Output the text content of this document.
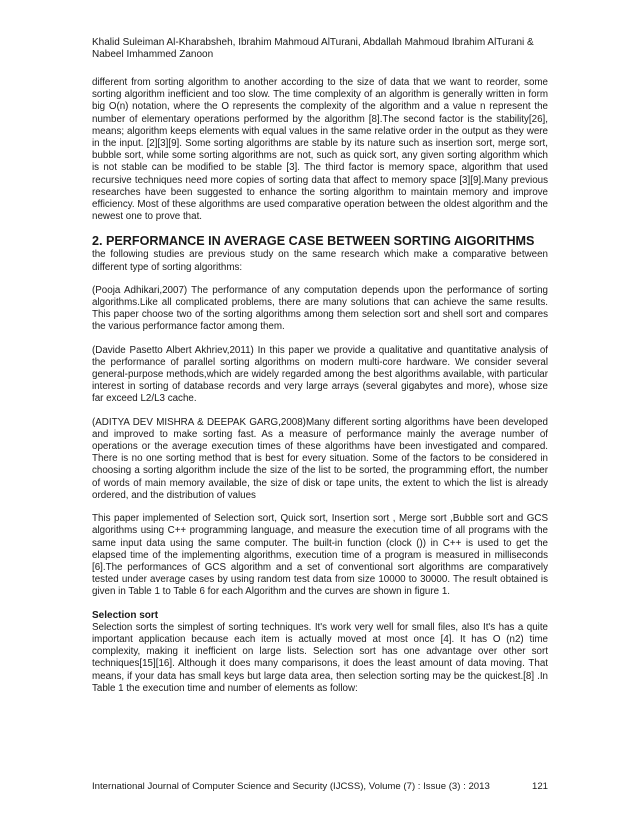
Khalid Suleiman Al-Kharabsheh, Ibrahim Mahmoud AlTurani, Abdallah Mahmoud Ibrahim AlTurani & Nabeel Imhammed Zanoon

different from sorting algorithm to another according to the size of data that we want to reorder, some sorting algorithm inefficient and too slow. The time complexity of an algorithm is generally written in form big O(n) notation, where the O represents the complexity of the algorithm and a value n represent the number of elementary operations performed by the algorithm [8].The second factor is the stability[26], means; algorithm keeps elements with equal values in the same relative order in the output as they were in the input. [2][3][9]. Some sorting algorithms are stable by its nature such as insertion sort, merge sort, bubble sort, while some sorting algorithms are not, such as quick sort, any given sorting algorithm which is not stable can be modified to be stable [3]. The third factor is memory space, algorithm that used recursive techniques need more copies of sorting data that affect to memory space [3][9].Many previous researches have been suggested to enhance the sorting algorithm to maintain memory and improve efficiency. Most of these algorithms are used comparative operation between the oldest algorithm and the newest one to prove that.

2. PERFORMANCE IN AVERAGE CASE BETWEEN SORTING AIGORITHMS

the following studies are previous study on the same research which make a comparative between different type of sorting algorithms:

(Pooja Adhikari,2007) The performance of any computation depends upon the performance of sorting algorithms.Like all complicated problems, there are many solutions that can achieve the same results. This paper choose two of the sorting algorithms among them selection sort and shell sort and compares the various performance factor among them.

(Davide Pasetto Albert Akhriev,2011) In this paper we provide a qualitative and quantitative analysis of the performance of parallel sorting algorithms on modern multi-core hardware. We consider several general-purpose methods,which are widely regarded among the best algorithms available, with particular interest in sorting of database records and very large arrays (several gigabytes and more), whose size far exceed L2/L3 cache.

(ADITYA DEV MISHRA & DEEPAK GARG,2008)Many different sorting algorithms have been developed and improved to make sorting fast. As a measure of performance mainly the average number of operations or the average execution times of these algorithms have been investigated and compared. There is no one sorting method that is best for every situation. Some of the factors to be considered in choosing a sorting algorithm include the size of the list to be sorted, the programming effort, the number of words of main memory available, the size of disk or tape units, the extent to which the list is already ordered, and the distribution of values

This paper implemented of Selection sort, Quick sort, Insertion sort , Merge sort ,Bubble sort and GCS algorithms using C++ programming language, and measure the execution time of all programs with the same input data using the same computer. The built-in function (clock ()) in C++ is used to get the elapsed time of the implementing algorithms, execution time of a program is measured in milliseconds [6].The performances of GCS algorithm and a set of conventional sort algorithms are comparatively tested under average cases by using random test data from size 10000 to 30000. The result obtained is given in Table 1 to Table 6 for each Algorithm and the curves are shown in figure 1.

Selection sort

Selection sorts the simplest of sorting techniques. It's work very well for small files, also It's has a quite important application because each item is actually moved at most once [4]. It has O (n2) time complexity, making it inefficient on large lists. Selection sort has one advantage over other sort techniques[15][16]. Although it does many comparisons, it does the least amount of data moving. That means, if your data has small keys but large data area, then selection sorting may be the quickest.[8] .In Table 1 the execution time and number of elements as follow:

International Journal of Computer Science and Security (IJCSS), Volume (7) : Issue (3) : 2013	121
